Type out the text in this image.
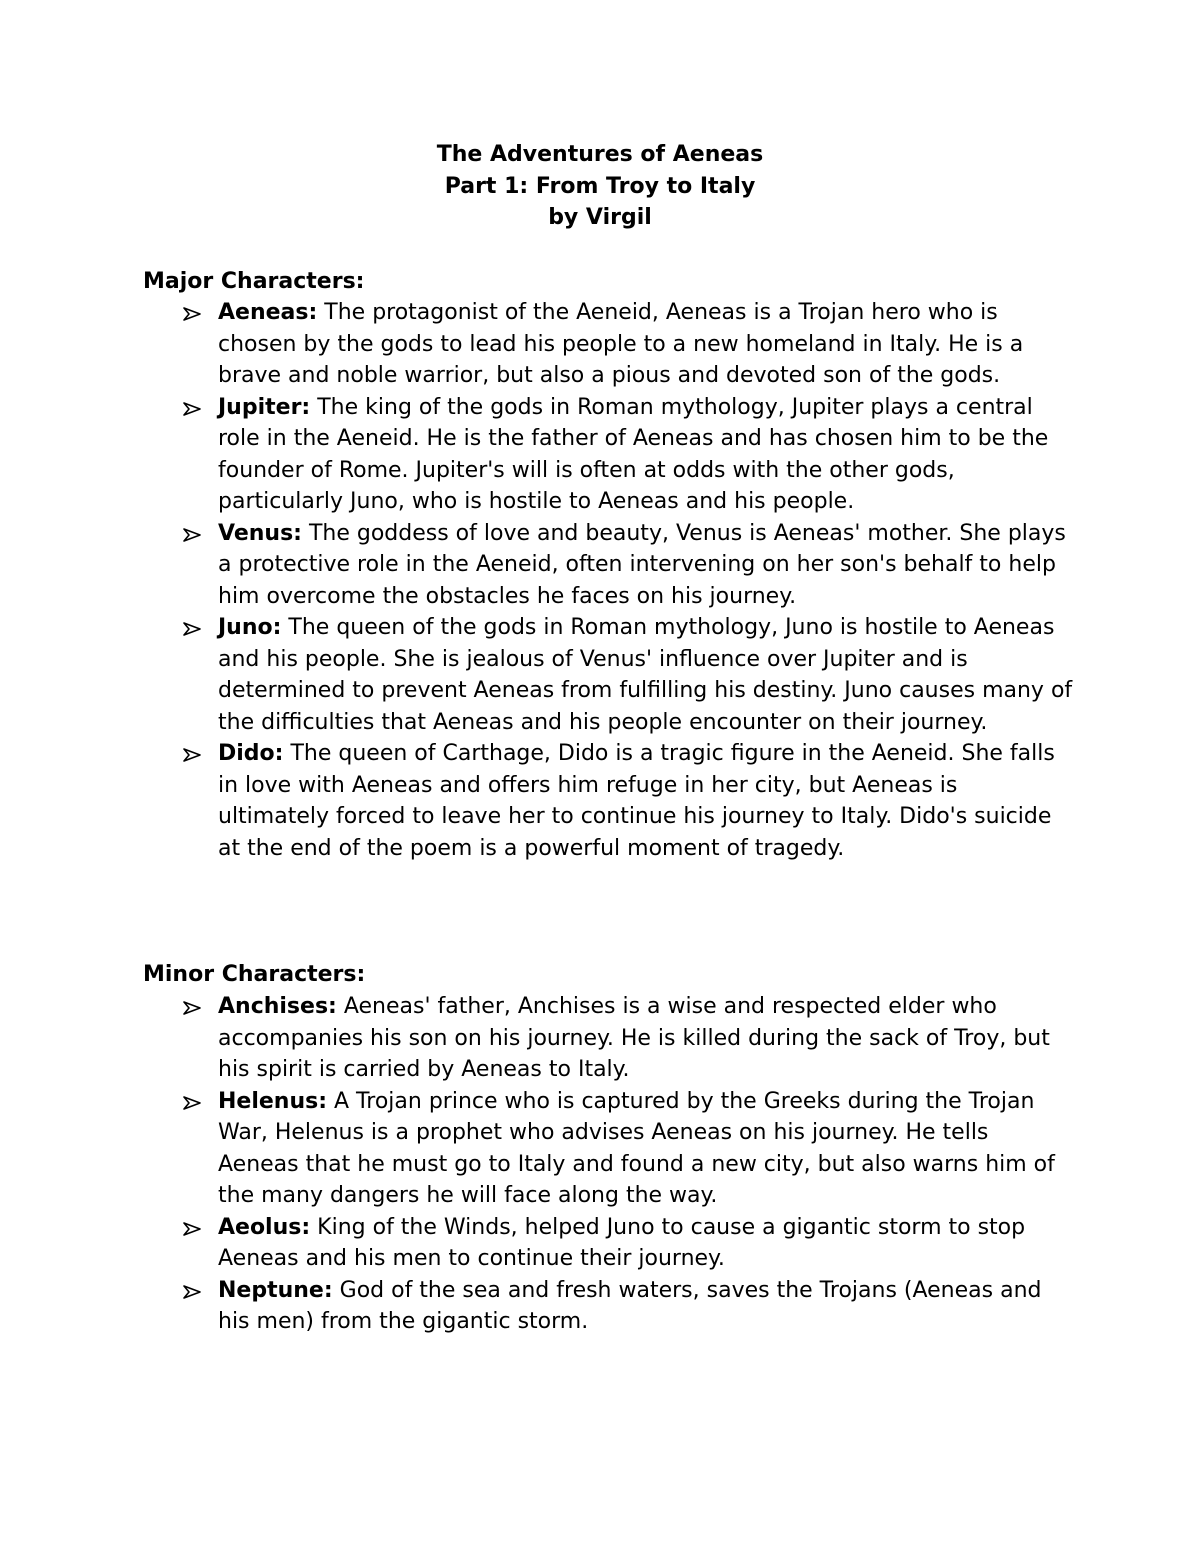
The Adventures of Aeneas
Part 1: From Troy to Italy
by Virgil
Major Characters:
Aeneas: The protagonist of the Aeneid, Aeneas is a Trojan hero who is chosen by the gods to lead his people to a new homeland in Italy. He is a brave and noble warrior, but also a pious and devoted son of the gods.
Jupiter: The king of the gods in Roman mythology, Jupiter plays a central role in the Aeneid. He is the father of Aeneas and has chosen him to be the founder of Rome. Jupiter's will is often at odds with the other gods, particularly Juno, who is hostile to Aeneas and his people.
Venus: The goddess of love and beauty, Venus is Aeneas' mother. She plays a protective role in the Aeneid, often intervening on her son's behalf to help him overcome the obstacles he faces on his journey.
Juno: The queen of the gods in Roman mythology, Juno is hostile to Aeneas and his people. She is jealous of Venus' influence over Jupiter and is determined to prevent Aeneas from fulfilling his destiny. Juno causes many of the difficulties that Aeneas and his people encounter on their journey.
Dido: The queen of Carthage, Dido is a tragic figure in the Aeneid. She falls in love with Aeneas and offers him refuge in her city, but Aeneas is ultimately forced to leave her to continue his journey to Italy. Dido's suicide at the end of the poem is a powerful moment of tragedy.
Minor Characters:
Anchises: Aeneas' father, Anchises is a wise and respected elder who accompanies his son on his journey. He is killed during the sack of Troy, but his spirit is carried by Aeneas to Italy.
Helenus: A Trojan prince who is captured by the Greeks during the Trojan War, Helenus is a prophet who advises Aeneas on his journey. He tells Aeneas that he must go to Italy and found a new city, but also warns him of the many dangers he will face along the way.
Aeolus: King of the Winds, helped Juno to cause a gigantic storm to stop Aeneas and his men to continue their journey.
Neptune: God of the sea and fresh waters, saves the Trojans (Aeneas and his men) from the gigantic storm.
